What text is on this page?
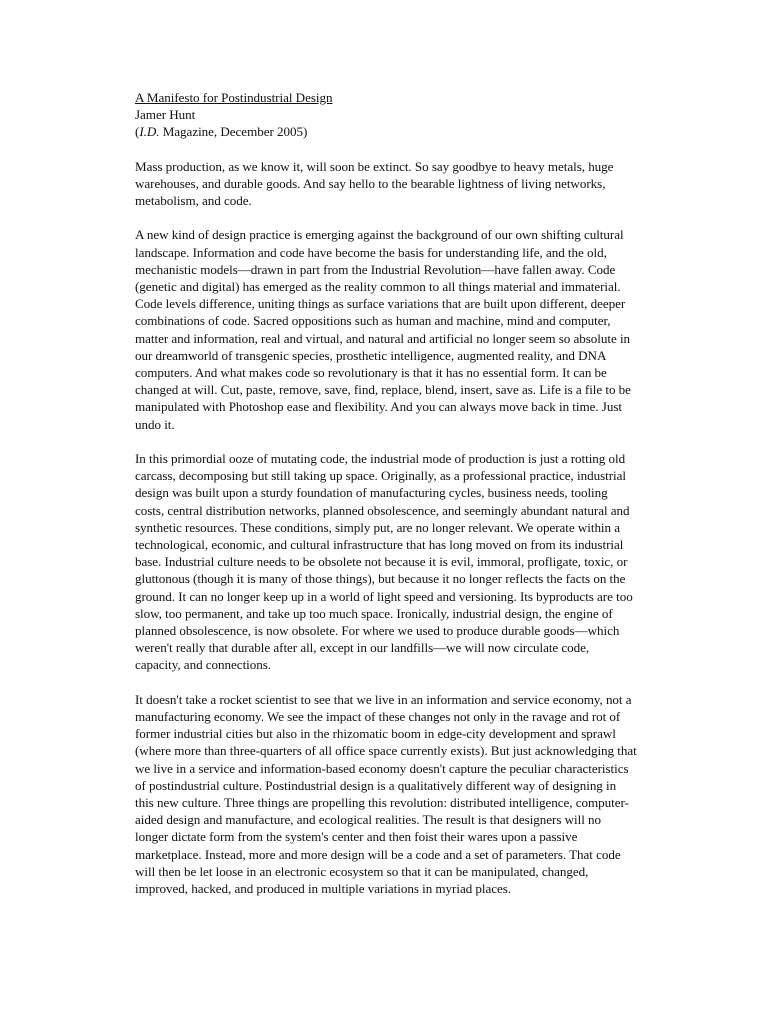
A Manifesto for Postindustrial Design
Jamer Hunt
(I.D. Magazine, December 2005)

Mass production, as we know it, will soon be extinct. So say goodbye to heavy metals, huge warehouses, and durable goods. And say hello to the bearable lightness of living networks, metabolism, and code.

A new kind of design practice is emerging against the background of our own shifting cultural landscape. Information and code have become the basis for understanding life, and the old, mechanistic models—drawn in part from the Industrial Revolution—have fallen away. Code (genetic and digital) has emerged as the reality common to all things material and immaterial. Code levels difference, uniting things as surface variations that are built upon different, deeper combinations of code. Sacred oppositions such as human and machine, mind and computer, matter and information, real and virtual, and natural and artificial no longer seem so absolute in our dreamworld of transgenic species, prosthetic intelligence, augmented reality, and DNA computers. And what makes code so revolutionary is that it has no essential form. It can be changed at will. Cut, paste, remove, save, find, replace, blend, insert, save as. Life is a file to be manipulated with Photoshop ease and flexibility. And you can always move back in time. Just undo it.

In this primordial ooze of mutating code, the industrial mode of production is just a rotting old carcass, decomposing but still taking up space. Originally, as a professional practice, industrial design was built upon a sturdy foundation of manufacturing cycles, business needs, tooling costs, central distribution networks, planned obsolescence, and seemingly abundant natural and synthetic resources. These conditions, simply put, are no longer relevant. We operate within a technological, economic, and cultural infrastructure that has long moved on from its industrial base. Industrial culture needs to be obsolete not because it is evil, immoral, profligate, toxic, or gluttonous (though it is many of those things), but because it no longer reflects the facts on the ground. It can no longer keep up in a world of light speed and versioning. Its byproducts are too slow, too permanent, and take up too much space. Ironically, industrial design, the engine of planned obsolescence, is now obsolete. For where we used to produce durable goods—which weren't really that durable after all, except in our landfills—we will now circulate code, capacity, and connections.

It doesn't take a rocket scientist to see that we live in an information and service economy, not a manufacturing economy. We see the impact of these changes not only in the ravage and rot of former industrial cities but also in the rhizomatic boom in edge-city development and sprawl (where more than three-quarters of all office space currently exists). But just acknowledging that we live in a service and information-based economy doesn't capture the peculiar characteristics of postindustrial culture. Postindustrial design is a qualitatively different way of designing in this new culture. Three things are propelling this revolution: distributed intelligence, computer-aided design and manufacture, and ecological realities. The result is that designers will no longer dictate form from the system's center and then foist their wares upon a passive marketplace. Instead, more and more design will be a code and a set of parameters. That code will then be let loose in an electronic ecosystem so that it can be manipulated, changed, improved, hacked, and produced in multiple variations in myriad places.
